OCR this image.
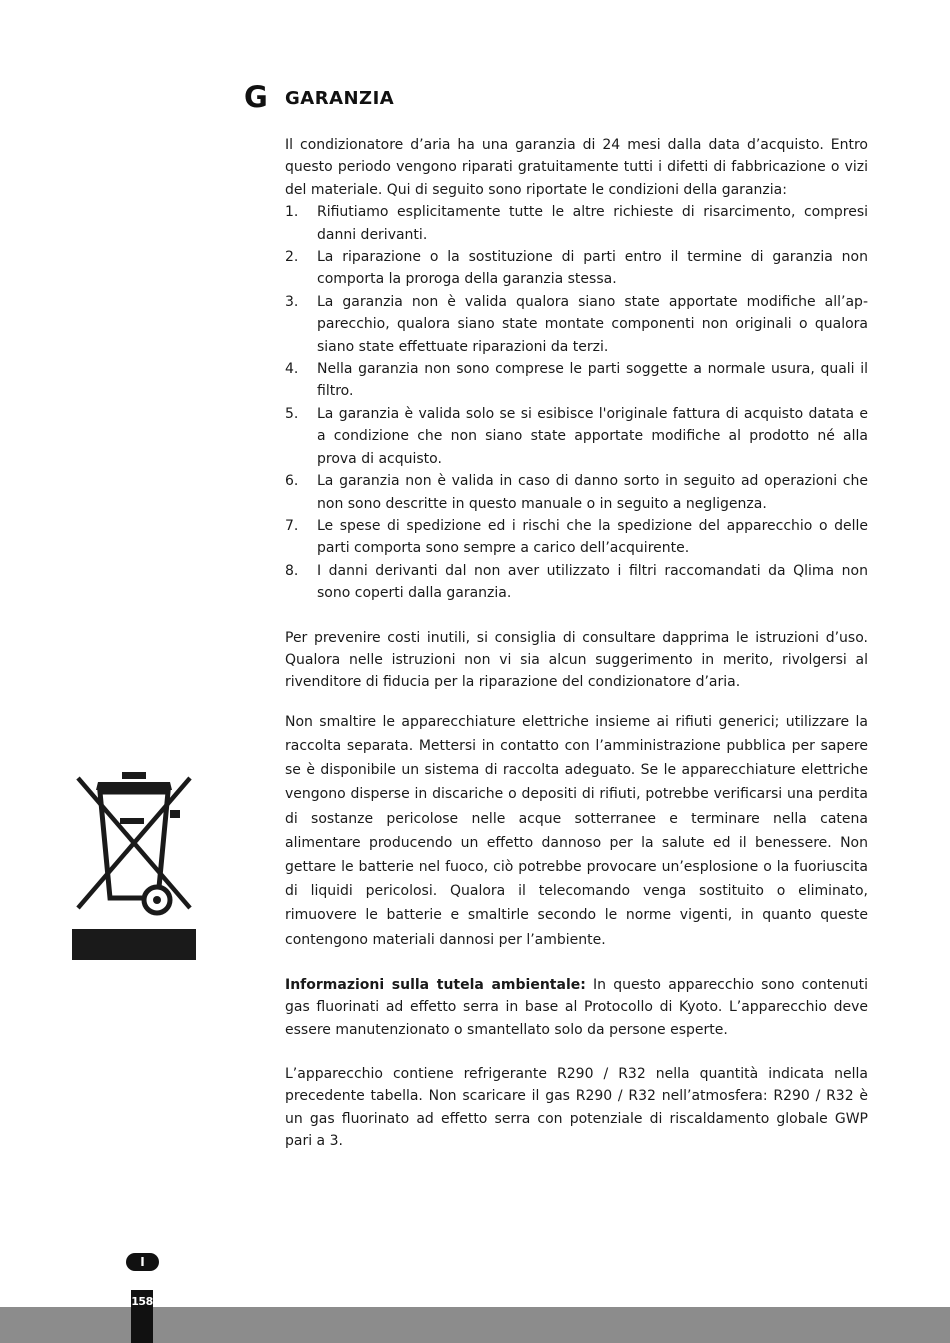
G GARANZIA

Il condizionatore d’aria ha una garanzia di 24 mesi dalla data d’acquisto. Entro questo periodo vengono riparati gratuitamente tutti i difetti di fabbricazione o vizi del materiale. Qui di seguito sono riportate le condizioni della garanzia:

1. Rifiutiamo esplicitamente tutte le altre richieste di risarcimento, compresi danni derivanti.
2. La riparazione o la sostituzione di parti entro il termine di garanzia non comporta la proroga della garanzia stessa.
3. La garanzia non è valida qualora siano state apportate modifiche all’ap-parecchio, qualora siano state montate componenti non originali o qualora siano state effettuate riparazioni da terzi.
4. Nella garanzia non sono comprese le parti soggette a normale usura, quali il filtro.
5. La garanzia è valida solo se si esibisce l'originale fattura di acquisto datata e a condizione che non siano state apportate modifiche al prodotto né alla prova di acquisto.
6. La garanzia non è valida in caso di danno sorto in seguito ad operazioni che non sono descritte in questo manuale o in seguito a negligenza.
7. Le spese di spedizione ed i rischi che la spedizione del apparecchio o delle parti comporta sono sempre a carico dell’acquirente.
8. I danni derivanti dal non aver utilizzato i filtri raccomandati da Qlima non sono coperti dalla garanzia.

Per prevenire costi inutili, si consiglia di consultare dapprima le istruzioni d’uso. Qualora nelle istruzioni non vi sia alcun suggerimento in merito, rivolgersi al rivenditore di fiducia per la riparazione del condizionatore d’aria.

Non smaltire le apparecchiature elettriche insieme ai rifiuti generici; utilizzare la raccolta separata. Mettersi in contatto con l’amministrazione pubblica per sapere se è disponibile un sistema di raccolta adeguato. Se le apparecchiature elettriche vengono disperse in discariche o depositi di rifiuti, potrebbe verificarsi una perdita di sostanze pericolose nelle acque sotterranee e terminare nella catena alimentare producendo un effetto dannoso per la salute ed il benessere. Non gettare le batterie nel fuoco, ciò potrebbe provocare un’esplosione o la fuoriuscita di liquidi pericolosi. Qualora il telecomando venga sostituito o eliminato, rimuovere le batterie e smaltirle secondo le norme vigenti, in quanto queste contengono materiali dannosi per l’ambiente.

Informazioni sulla tutela ambientale: In questo apparecchio sono contenuti gas fluorinati ad effetto serra in base al Protocollo di Kyoto. L’apparecchio deve essere manutenzionato o smantellato solo da persone esperte.

L’apparecchio contiene refrigerante R290 / R32 nella quantità indicata nella precedente tabella. Non scaricare il gas R290 / R32 nell’atmosfera: R290 / R32 è un gas fluorinato ad effetto serra con potenziale di riscaldamento globale GWP pari a 3.

I
158
